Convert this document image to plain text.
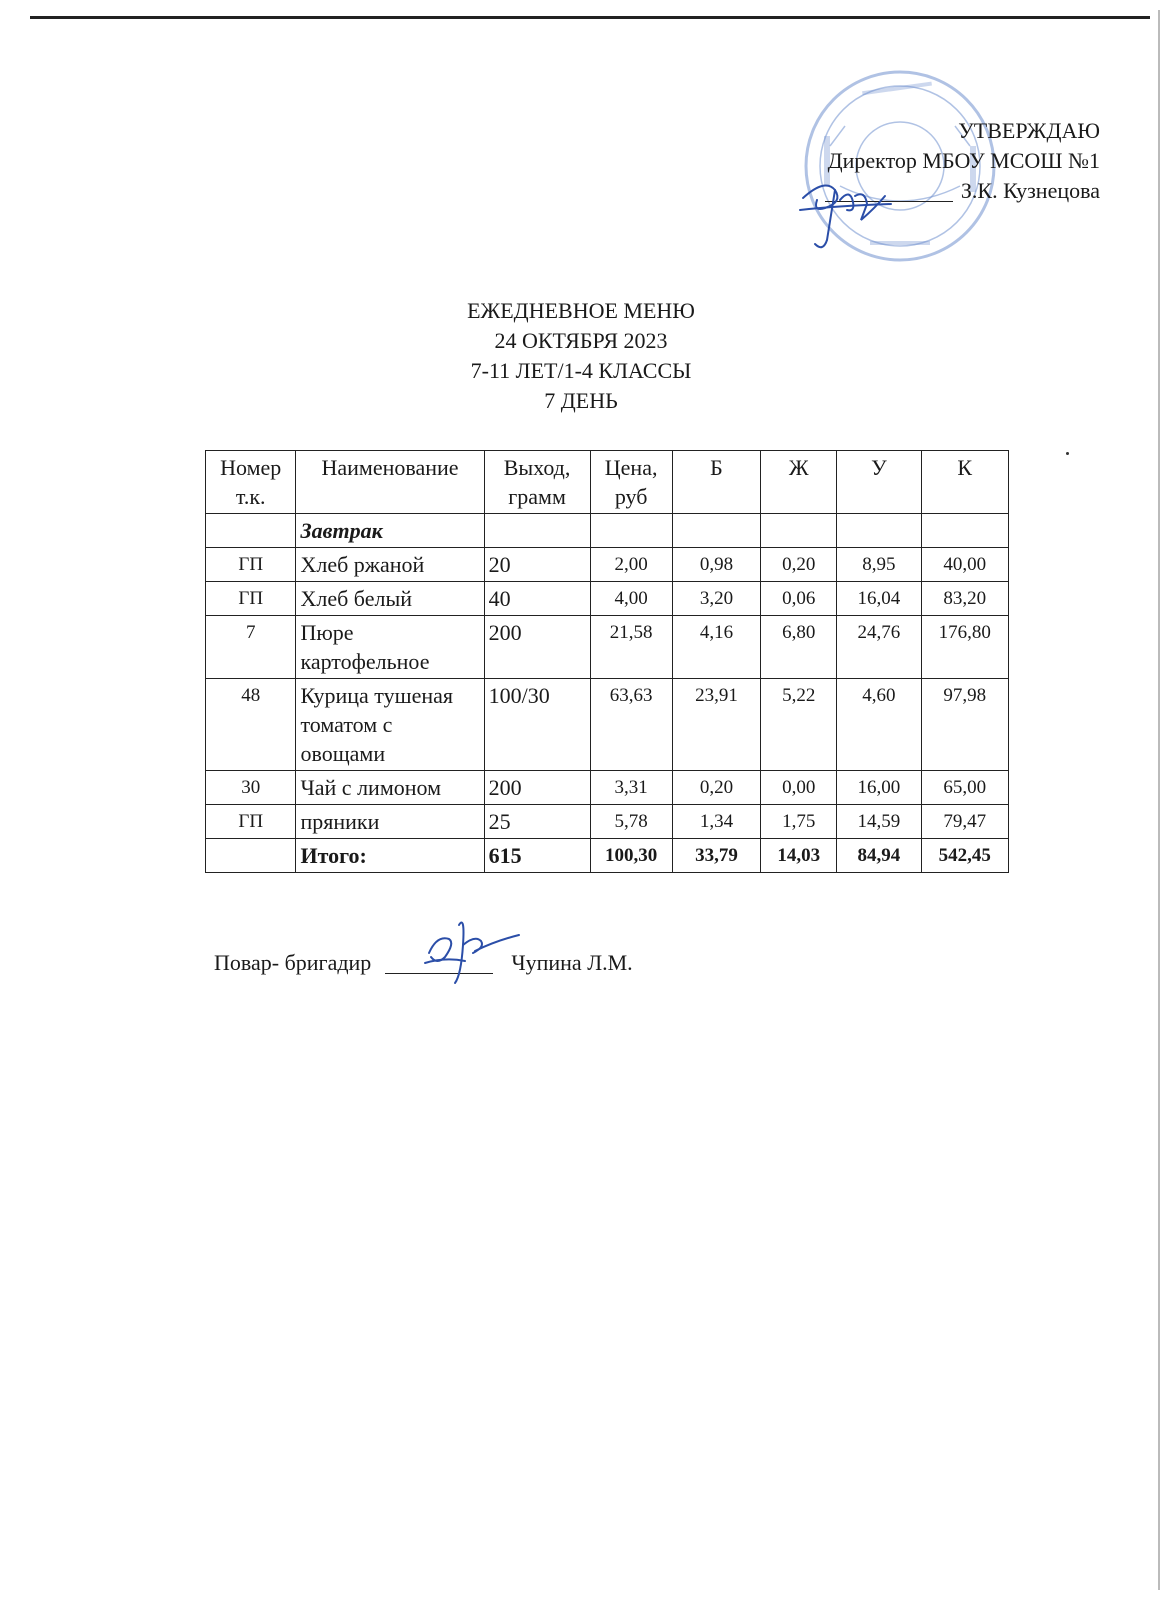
УТВЕРЖДАЮ
Директор МБОУ МСОШ №1
З.К. Кузнецова
ЕЖЕДНЕВНОЕ МЕНЮ
24 ОКТЯБРЯ 2023
7-11 ЛЕТ/1-4 КЛАССЫ
7 ДЕНЬ
Номер т.к.	Наименование	Выход, грамм	Цена, руб	Б	Ж	У	К
	Завтрак						
ГП	Хлеб ржаной	20	2,00	0,98	0,20	8,95	40,00
ГП	Хлеб белый	40	4,00	3,20	0,06	16,04	83,20
7	Пюре картофельное	200	21,58	4,16	6,80	24,76	176,80
48	Курица тушеная томатом с овощами	100/30	63,63	23,91	5,22	4,60	97,98
30	Чай с лимоном	200	3,31	0,20	0,00	16,00	65,00
ГП	пряники	25	5,78	1,34	1,75	14,59	79,47
	Итого:	615	100,30	33,79	14,03	84,94	542,45
Повар- бригадир	Чупина Л.М.
